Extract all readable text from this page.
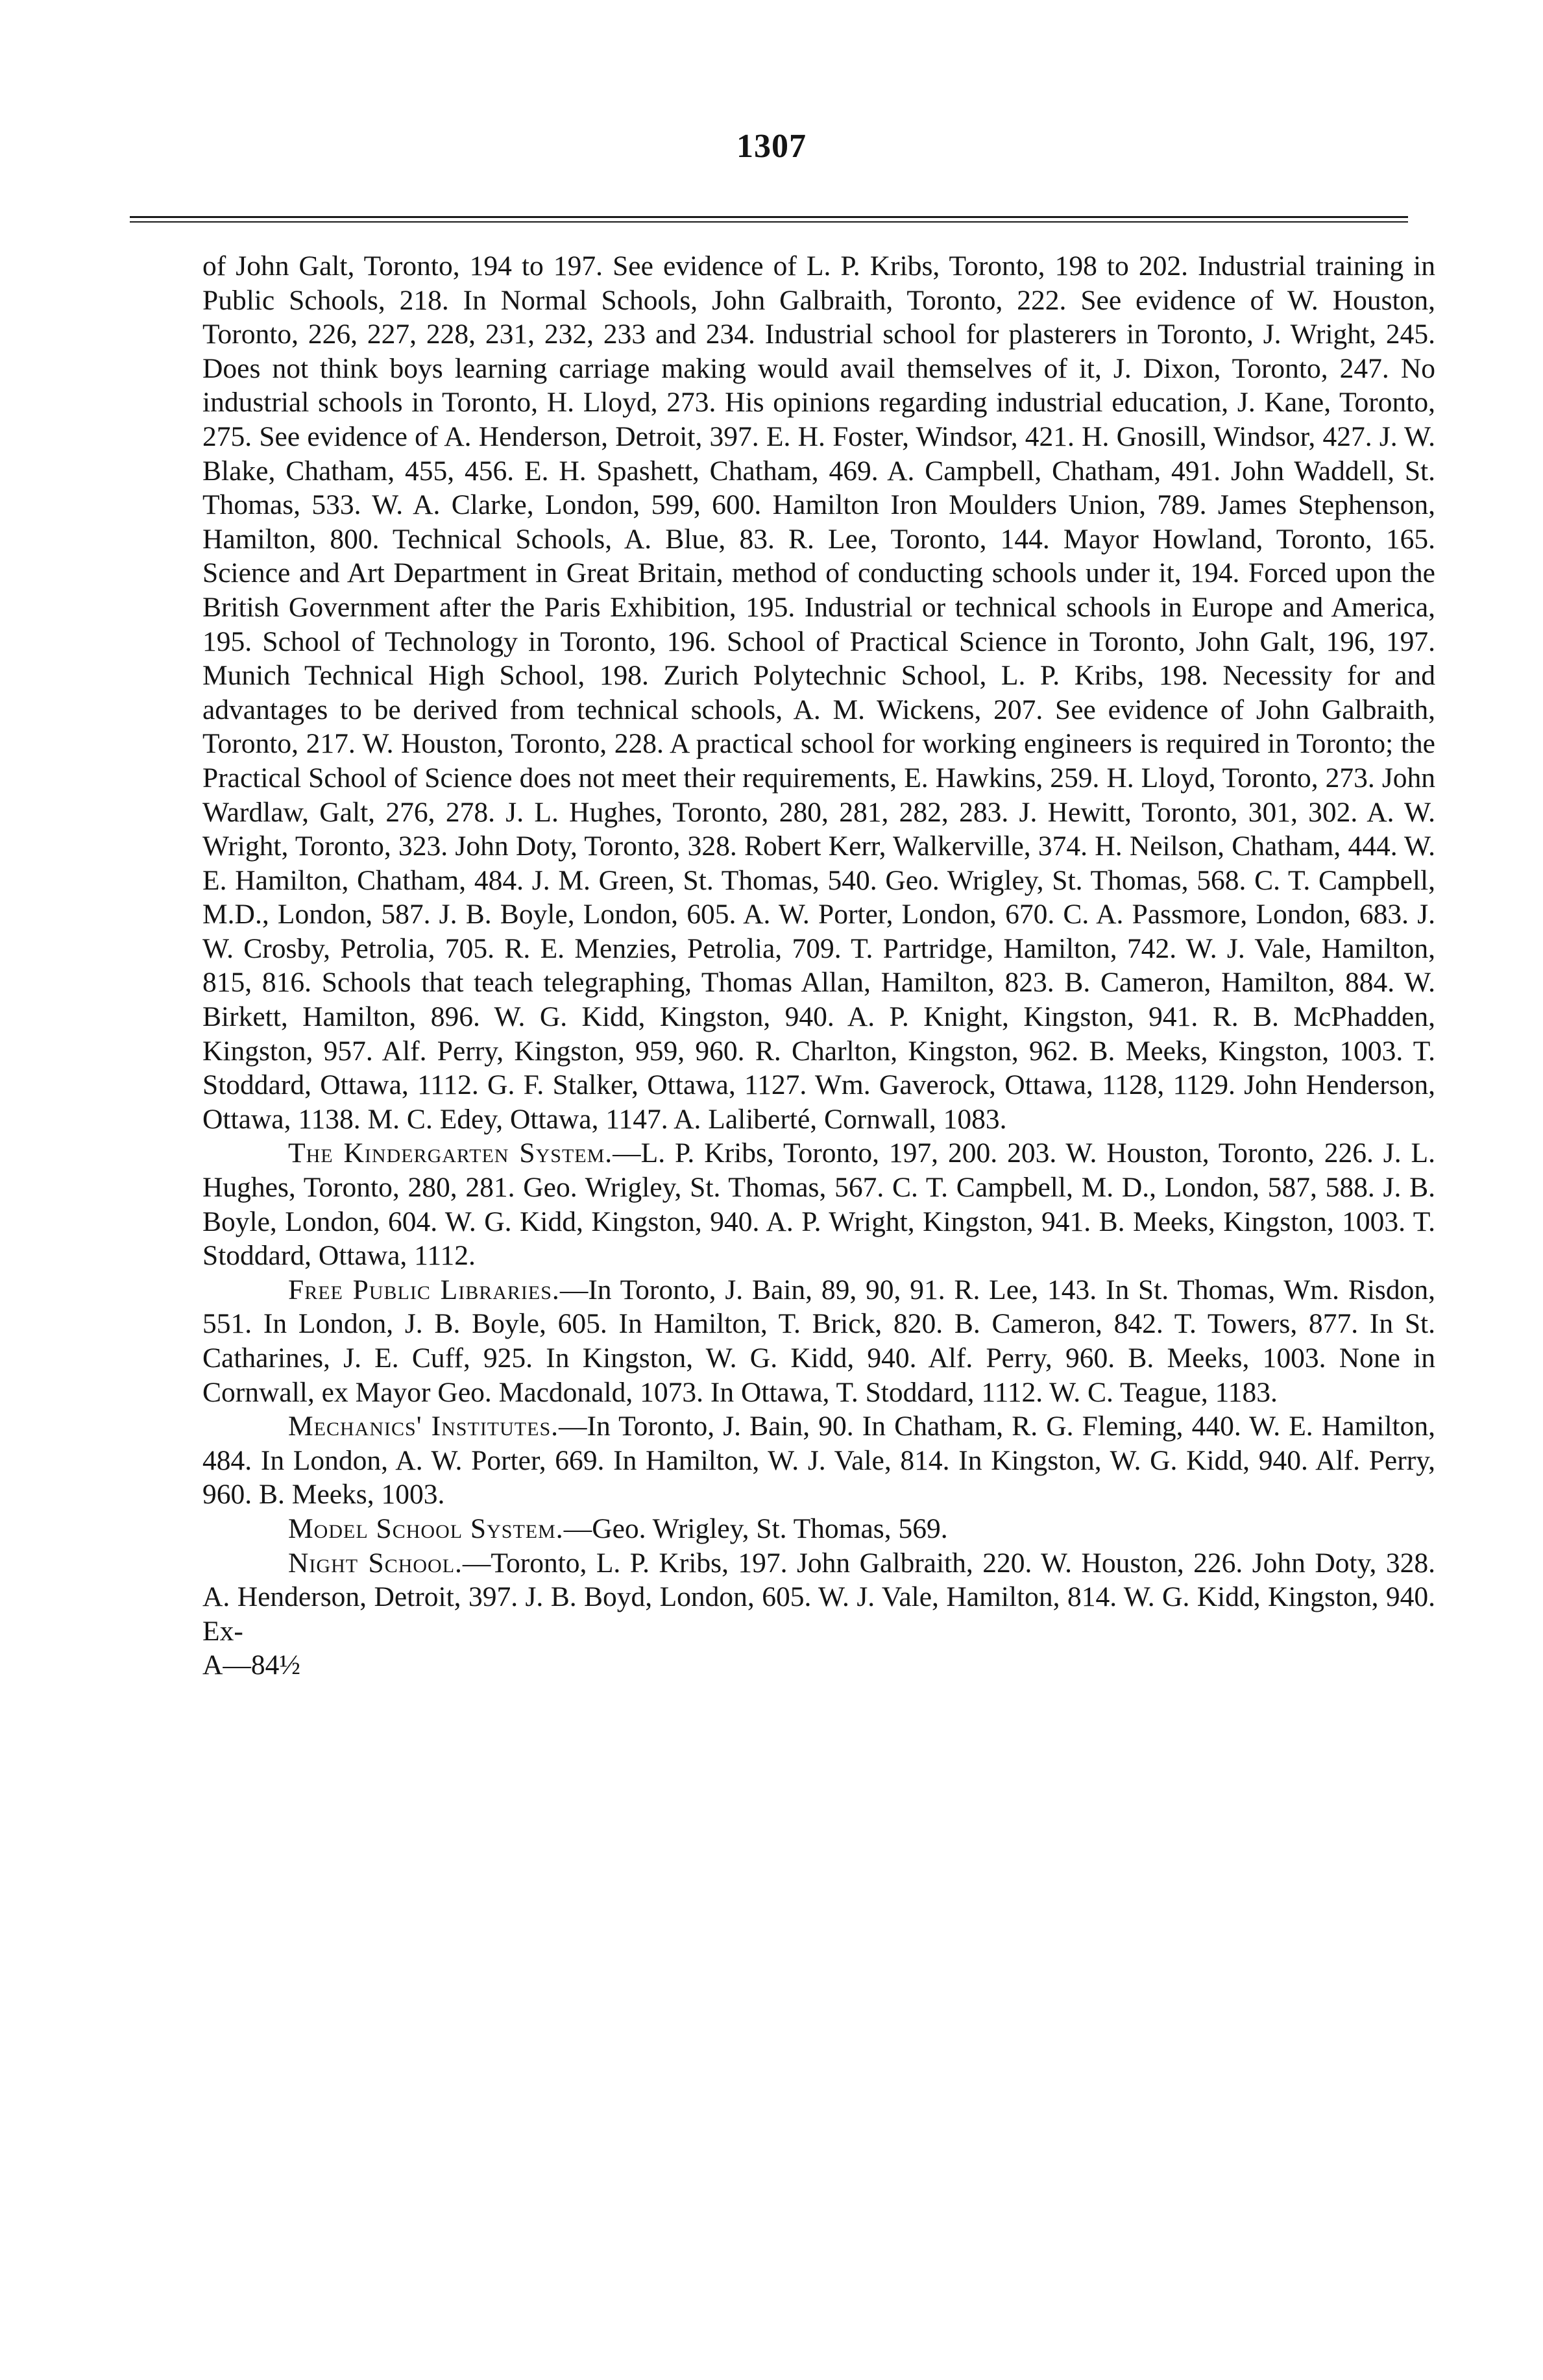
1307

of John Galt, Toronto, 194 to 197. See evidence of L. P. Kribs, Toronto, 198 to 202. Industrial training in Public Schools, 218. In Normal Schools, John Galbraith, Toronto, 222. See evidence of W. Houston, Toronto, 226, 227, 228, 231, 232, 233 and 234. Industrial school for plasterers in Toronto, J. Wright, 245. Does not think boys learning carriage making would avail themselves of it, J. Dixon, Toronto, 247. No industrial schools in Toronto, H. Lloyd, 273. His opinions regarding industrial education, J. Kane, Toronto, 275. See evidence of A. Henderson, Detroit, 397. E. H. Foster, Windsor, 421. H. Gnosill, Windsor, 427. J. W. Blake, Chatham, 455, 456. E. H. Spashett, Chatham, 469. A. Campbell, Chatham, 491. John Waddell, St. Thomas, 533. W. A. Clarke, London, 599, 600. Hamilton Iron Moulders Union, 789. James Stephenson, Hamilton, 800. Technical Schools, A. Blue, 83. R. Lee, Toronto, 144. Mayor Howland, Toronto, 165. Science and Art Department in Great Britain, method of conducting schools under it, 194. Forced upon the British Government after the Paris Exhibition, 195. Industrial or technical schools in Europe and America, 195. School of Technology in Toronto, 196. School of Practical Science in Toronto, John Galt, 196, 197. Munich Technical High School, 198. Zurich Polytechnic School, L. P. Kribs, 198. Necessity for and advantages to be derived from technical schools, A. M. Wickens, 207. See evidence of John Galbraith, Toronto, 217. W. Houston, Toronto, 228. A practical school for working engineers is required in Toronto; the Practical School of Science does not meet their requirements, E. Hawkins, 259. H. Lloyd, Toronto, 273. John Wardlaw, Galt, 276, 278. J. L. Hughes, Toronto, 280, 281, 282, 283. J. Hewitt, Toronto, 301, 302. A. W. Wright, Toronto, 323. John Doty, Toronto, 328. Robert Kerr, Walkerville, 374. H. Neilson, Chatham, 444. W. E. Hamilton, Chatham, 484. J. M. Green, St. Thomas, 540. Geo. Wrigley, St. Thomas, 568. C. T. Campbell, M.D., London, 587. J. B. Boyle, London, 605. A. W. Porter, London, 670. C. A. Passmore, London, 683. J. W. Crosby, Petrolia, 705. R. E. Menzies, Petrolia, 709. T. Partridge, Hamilton, 742. W. J. Vale, Hamilton, 815, 816. Schools that teach telegraphing, Thomas Allan, Hamilton, 823. B. Cameron, Hamilton, 884. W. Birkett, Hamilton, 896. W. G. Kidd, Kingston, 940. A. P. Knight, Kingston, 941. R. B. McPhadden, Kingston, 957. Alf. Perry, Kingston, 959, 960. R. Charlton, Kingston, 962. B. Meeks, Kingston, 1003. T. Stoddard, Ottawa, 1112. G. F. Stalker, Ottawa, 1127. Wm. Gaverock, Ottawa, 1128, 1129. John Henderson, Ottawa, 1138. M. C. Edey, Ottawa, 1147. A. Laliberté, Cornwall, 1083.

The Kindergarten System.—L. P. Kribs, Toronto, 197, 200. 203. W. Houston, Toronto, 226. J. L. Hughes, Toronto, 280, 281. Geo. Wrigley, St. Thomas, 567. C. T. Campbell, M. D., London, 587, 588. J. B. Boyle, London, 604. W. G. Kidd, Kingston, 940. A. P. Wright, Kingston, 941. B. Meeks, Kingston, 1003. T. Stoddard, Ottawa, 1112.

Free Public Libraries.—In Toronto, J. Bain, 89, 90, 91. R. Lee, 143. In St. Thomas, Wm. Risdon, 551. In London, J. B. Boyle, 605. In Hamilton, T. Brick, 820. B. Cameron, 842. T. Towers, 877. In St. Catharines, J. E. Cuff, 925. In Kingston, W. G. Kidd, 940. Alf. Perry, 960. B. Meeks, 1003. None in Cornwall, ex Mayor Geo. Macdonald, 1073. In Ottawa, T. Stoddard, 1112. W. C. Teague, 1183.

Mechanics' Institutes.—In Toronto, J. Bain, 90. In Chatham, R. G. Fleming, 440. W. E. Hamilton, 484. In London, A. W. Porter, 669. In Hamilton, W. J. Vale, 814. In Kingston, W. G. Kidd, 940. Alf. Perry, 960. B. Meeks, 1003.

Model School System.—Geo. Wrigley, St. Thomas, 569.

Night School.—Toronto, L. P. Kribs, 197. John Galbraith, 220. W. Houston, 226. John Doty, 328. A. Henderson, Detroit, 397. J. B. Boyd, London, 605. W. J. Vale, Hamilton, 814. W. G. Kidd, Kingston, 940. Ex-

A—84½
